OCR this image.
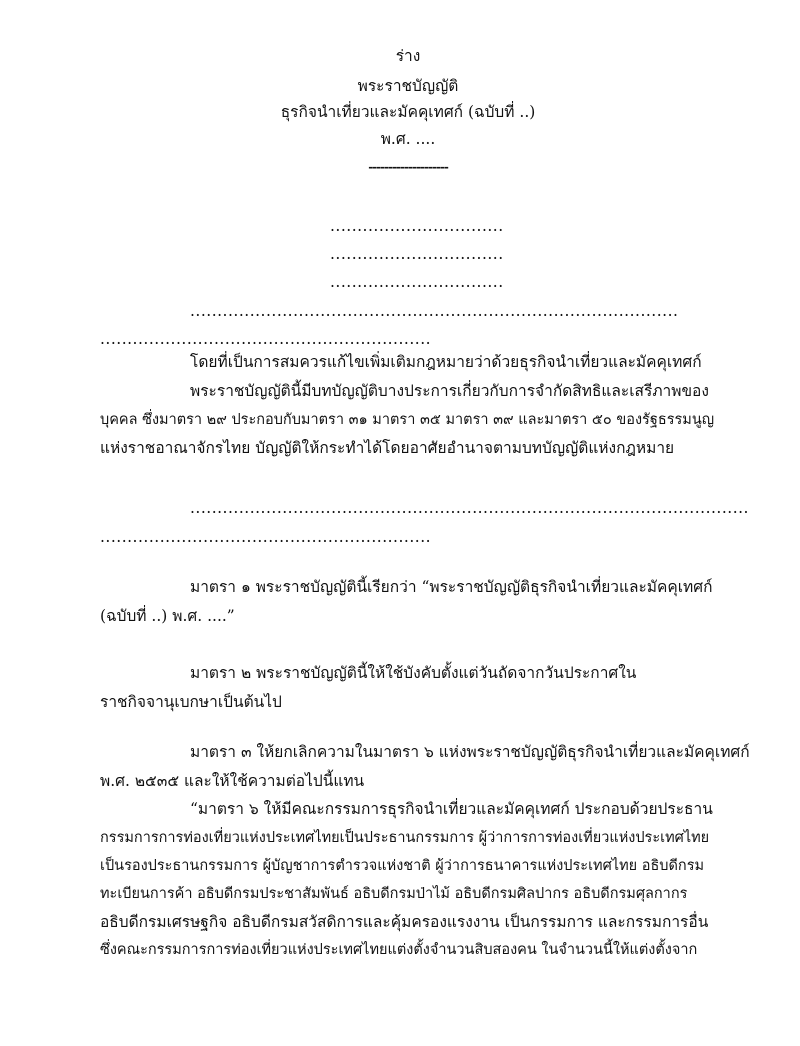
ร่าง
พระราชบัญญัติ
ธุรกิจนำเที่ยวและมัคคุเทศก์ (ฉบับที่ ..)
พ.ศ. ....
--------------------
................................
................................
................................
..........................................................................................
.............................................................
โดยที่เป็นการสมควรแก้ไขเพิ่มเติมกฎหมายว่าด้วยธุรกิจนำเที่ยวและมัคคุเทศก์
พระราชบัญญัตินี้มีบทบัญญัติบางประการเกี่ยวกับการจำกัดสิทธิและเสรีภาพของ
บุคคล ซึ่งมาตรา ๒๙ ประกอบกับมาตรา ๓๑ มาตรา ๓๕ มาตรา ๓๙ และมาตรา ๕๐ ของรัฐธรรมนูญ
แห่งราชอาณาจักรไทย บัญญัติให้กระทำได้โดยอาศัยอำนาจตามบทบัญญัติแห่งกฎหมาย
.......................................................................................................
.............................................................
มาตรา ๑ พระราชบัญญัตินี้เรียกว่า “พระราชบัญญัติธุรกิจนำเที่ยวและมัคคุเทศก์
(ฉบับที่ ..) พ.ศ. ....”
มาตรา ๒ พระราชบัญญัตินี้ให้ใช้บังคับตั้งแต่วันถัดจากวันประกาศใน
ราชกิจจานุเบกษาเป็นต้นไป
มาตรา ๓ ให้ยกเลิกความในมาตรา ๖ แห่งพระราชบัญญัติธุรกิจนำเที่ยวและมัคคุเทศก์
พ.ศ. ๒๕๓๕ และให้ใช้ความต่อไปนี้แทน
“มาตรา ๖ ให้มีคณะกรรมการธุรกิจนำเที่ยวและมัคคุเทศก์ ประกอบด้วยประธาน
กรรมการการท่องเที่ยวแห่งประเทศไทยเป็นประธานกรรมการ ผู้ว่าการการท่องเที่ยวแห่งประเทศไทย
เป็นรองประธานกรรมการ ผู้บัญชาการตำรวจแห่งชาติ ผู้ว่าการธนาคารแห่งประเทศไทย อธิบดีกรม
ทะเบียนการค้า อธิบดีกรมประชาสัมพันธ์ อธิบดีกรมป่าไม้ อธิบดีกรมศิลปากร อธิบดีกรมศุลกากร
อธิบดีกรมเศรษฐกิจ อธิบดีกรมสวัสดิการและคุ้มครองแรงงาน เป็นกรรมการ และกรรมการอื่น
ซึ่งคณะกรรมการการท่องเที่ยวแห่งประเทศไทยแต่งตั้งจำนวนสิบสองคน ในจำนวนนี้ให้แต่งตั้งจาก
